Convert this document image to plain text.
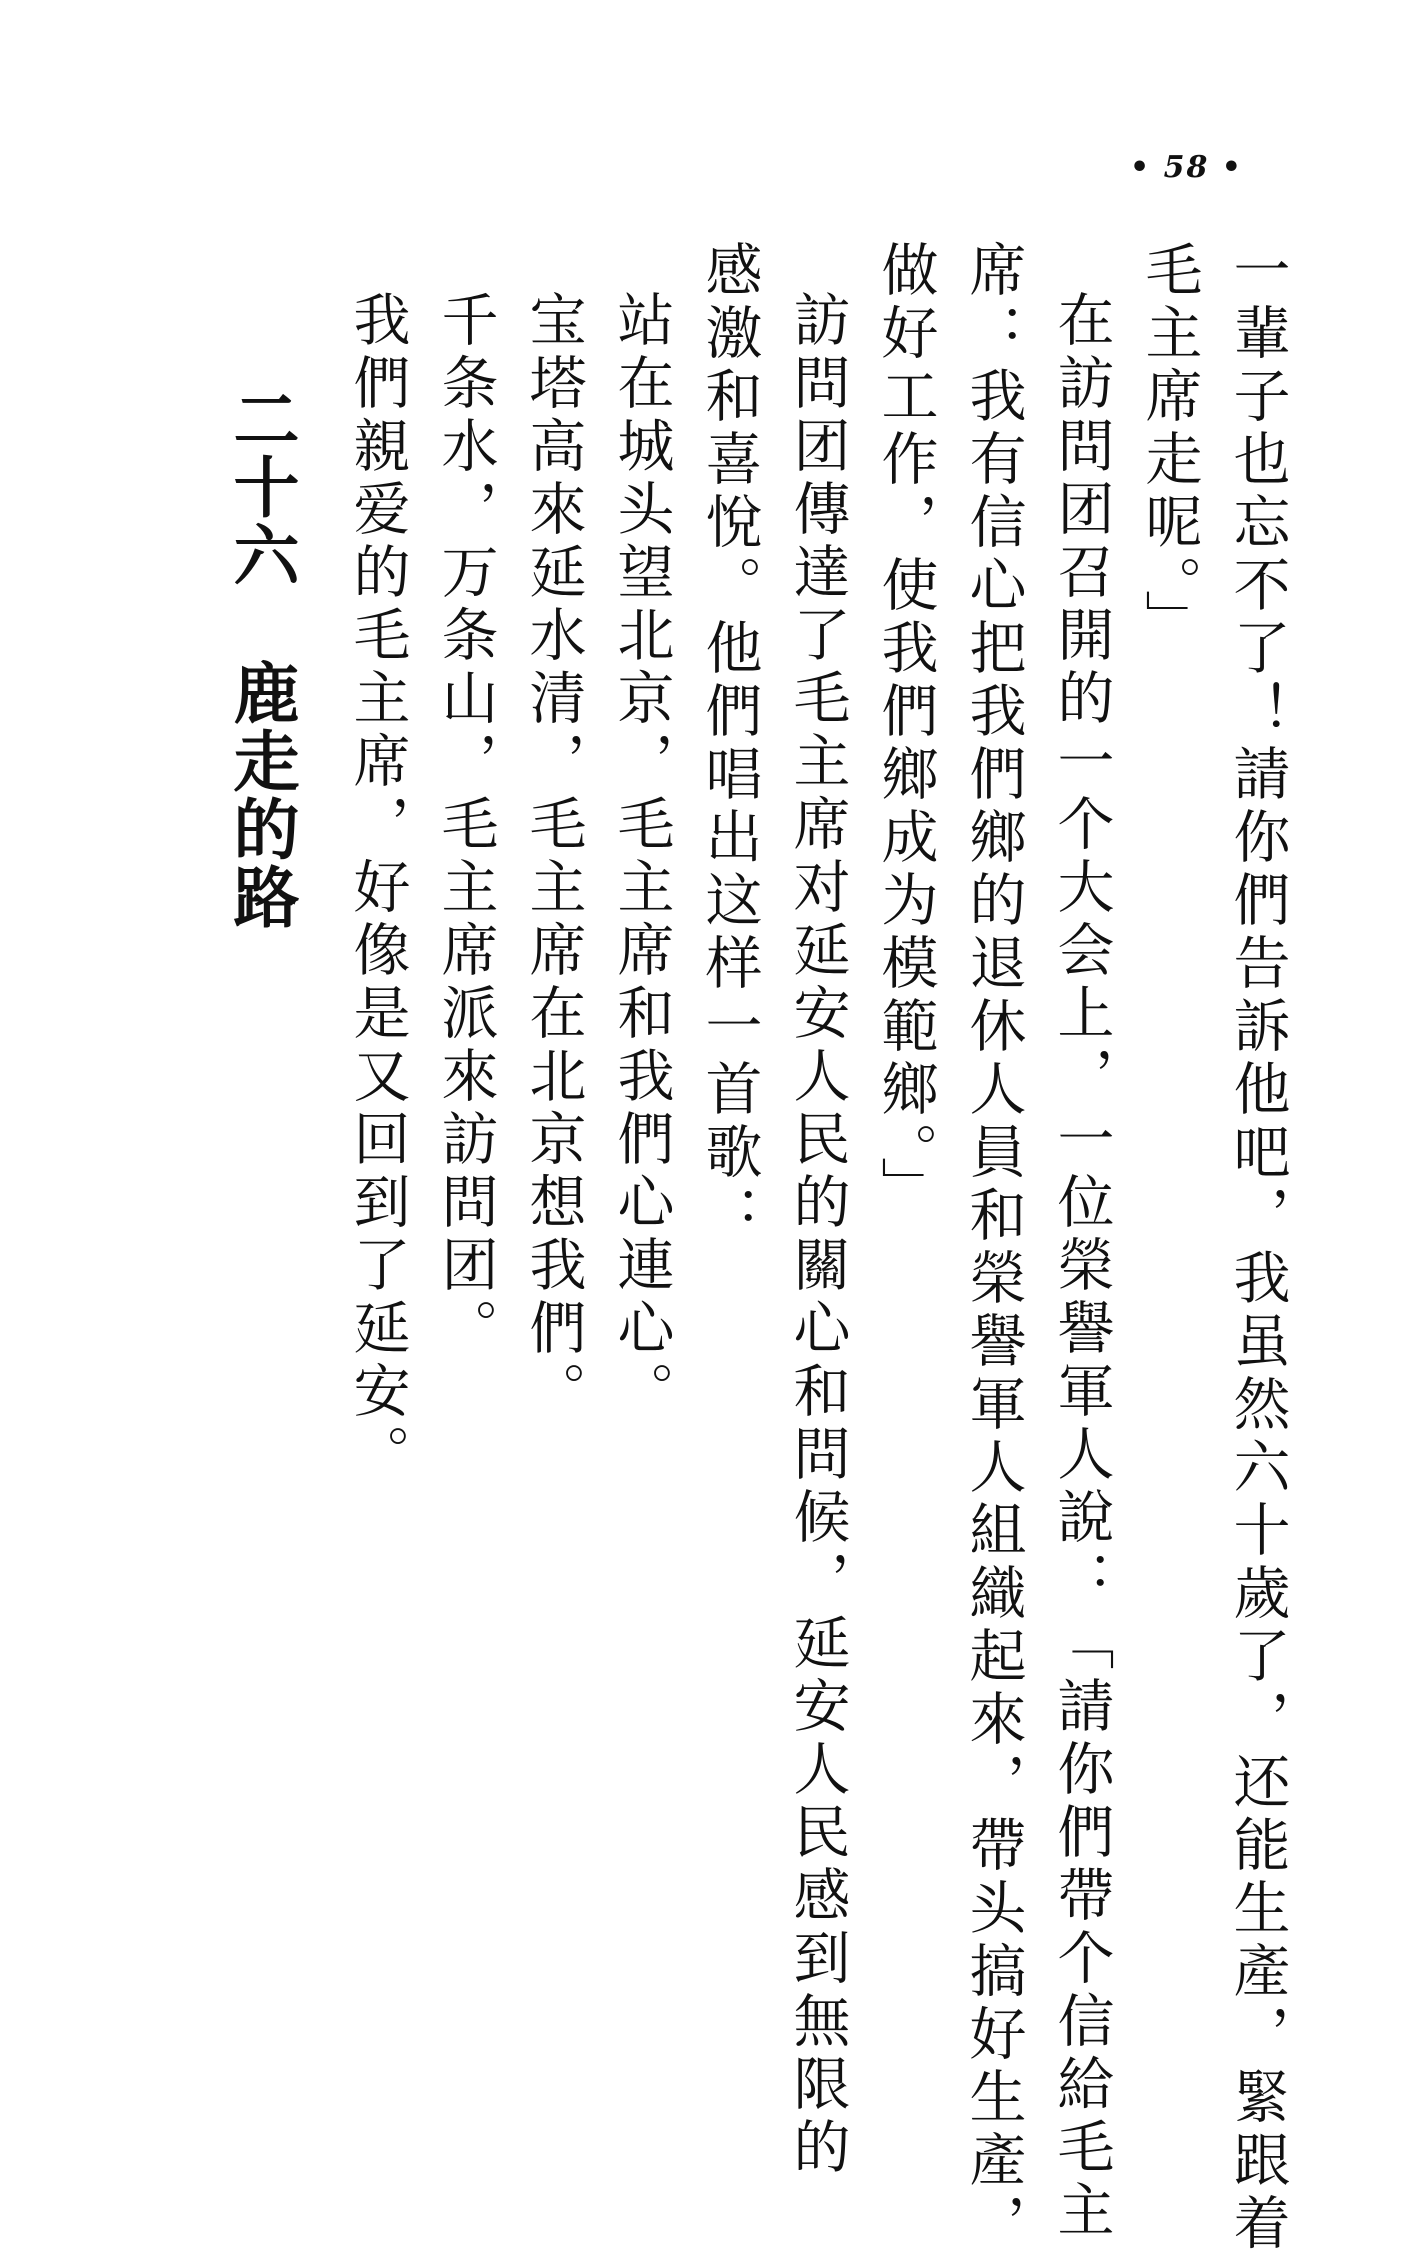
• 58 •
一輩子也忘不了！請你們告訴他吧，我虽然六十歲了，还能生產，緊跟着
毛主席走呢。」
在訪問团召開的一个大会上，一位榮譽軍人說：「請你們帶个信給毛主
席：我有信心把我們鄉的退休人員和榮譽軍人組織起來，帶头搞好生產，
做好工作，使我們鄉成为模範鄉。」
訪問团傳達了毛主席对延安人民的關心和問候，延安人民感到無限的
感激和喜悅。他們唱出这样一首歌：
站在城头望北京，毛主席和我們心連心。
宝塔高來延水清，毛主席在北京想我們。
千条水，万条山，毛主席派來訪問团。
我們親爱的毛主席，好像是又回到了延安。
二十六鹿走的路
